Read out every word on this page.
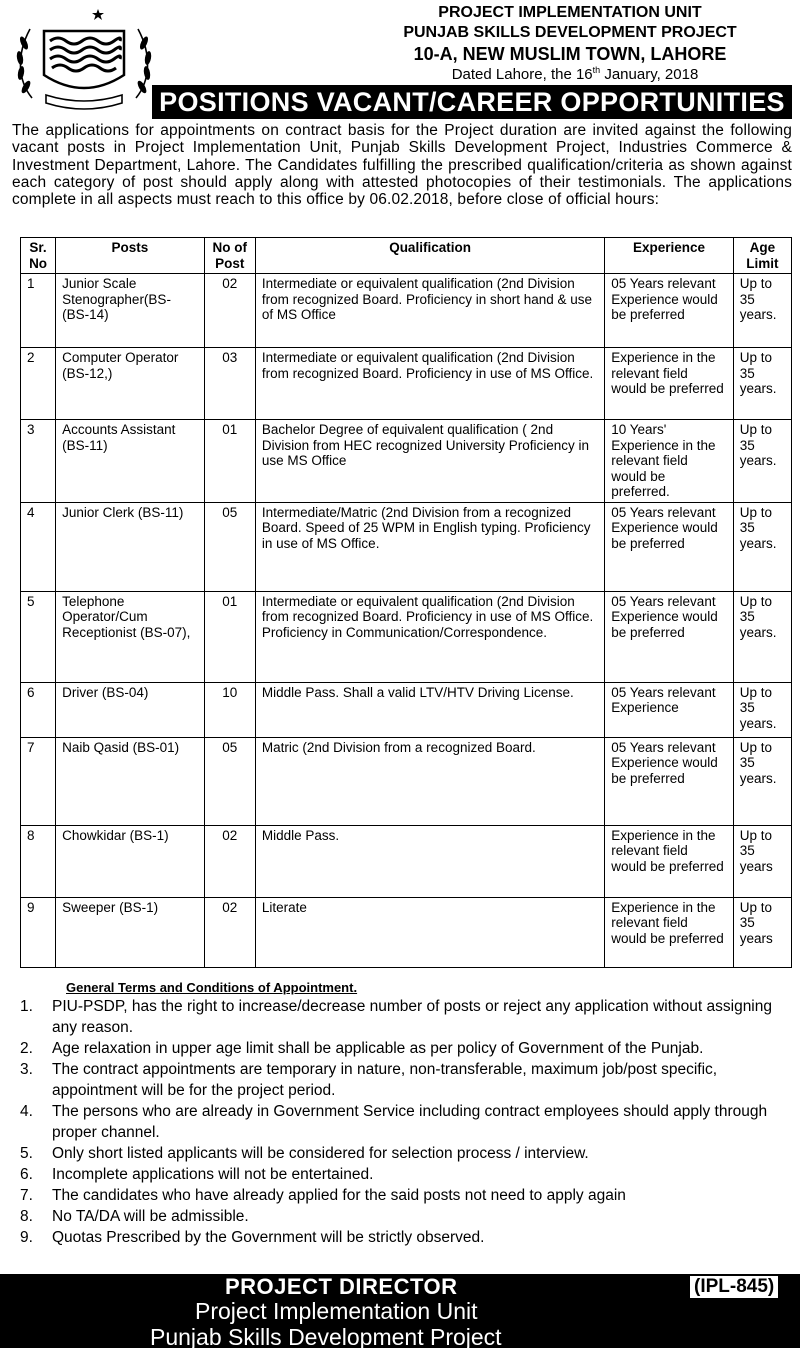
PROJECT IMPLEMENTATION UNIT
PUNJAB SKILLS DEVELOPMENT PROJECT
10-A, NEW MUSLIM TOWN, LAHORE
Dated Lahore, the 16th January, 2018
POSITIONS VACANT/CAREER OPPORTUNITIES
The applications for appointments on contract basis for the Project duration are invited against the following vacant posts in Project Implementation Unit, Punjab Skills Development Project, Industries Commerce & Investment Department, Lahore. The Candidates fulfilling the prescribed qualification/criteria as shown against each category of post should apply along with attested photocopies of their testimonials. The applications complete in all aspects must reach to this office by 06.02.2018, before close of official hours:
Sr. No	Posts	No of Post	Qualification	Experience	Age Limit
1	Junior Scale Stenographer(BS-(BS-14)	02	Intermediate or equivalent qualification (2nd Division from recognized Board. Proficiency in short hand & use of MS Office	05 Years relevant Experience would be preferred	Up to 35 years.
2	Computer Operator (BS-12,)	03	Intermediate or equivalent qualification (2nd Division from recognized Board. Proficiency in use of MS Office.	Experience in the relevant field would be preferred	Up to 35 years.
3	Accounts Assistant (BS-11)	01	Bachelor Degree of equivalent qualification ( 2nd Division from HEC recognized University Proficiency in use MS Office	10 Years' Experience in the relevant field would be preferred.	Up to 35 years.
4	Junior Clerk (BS-11)	05	Intermediate/Matric (2nd Division from a recognized Board. Speed of 25 WPM in English typing. Proficiency in use of MS Office.	05 Years relevant Experience would be preferred	Up to 35 years.
5	Telephone Operator/Cum Receptionist (BS-07),	01	Intermediate or equivalent qualification (2nd Division from recognized Board. Proficiency in use of MS Office. Proficiency in Communication/Correspondence.	05 Years relevant Experience would be preferred	Up to 35 years.
6	Driver (BS-04)	10	Middle Pass. Shall a valid LTV/HTV Driving License.	05 Years relevant Experience	Up to 35 years.
7	Naib Qasid (BS-01)	05	Matric (2nd Division from a recognized Board.	05 Years relevant Experience would be preferred	Up to 35 years.
8	Chowkidar (BS-1)	02	Middle Pass.	Experience in the relevant field would be preferred	Up to 35 years
9	Sweeper (BS-1)	02	Literate	Experience in the relevant field would be preferred	Up to 35 years
General Terms and Conditions of Appointment.
1.	PIU-PSDP, has the right to increase/decrease number of posts or reject any application without assigning any reason.
2.	Age relaxation in upper age limit shall be applicable as per policy of Government of the Punjab.
3.	The contract appointments are temporary in nature, non-transferable, maximum job/post specific, appointment will be for the project period.
4.	The persons who are already in Government Service including contract employees should apply through proper channel.
5.	Only short listed applicants will be considered for selection process / interview.
6.	Incomplete applications will not be entertained.
7.	The candidates who have already applied for the said posts not need to apply again
8.	No TA/DA will be admissible.
9.	Quotas Prescribed by the Government will be strictly observed.
PROJECT DIRECTOR	(IPL-845)
Project Implementation Unit
Punjab Skills Development Project
